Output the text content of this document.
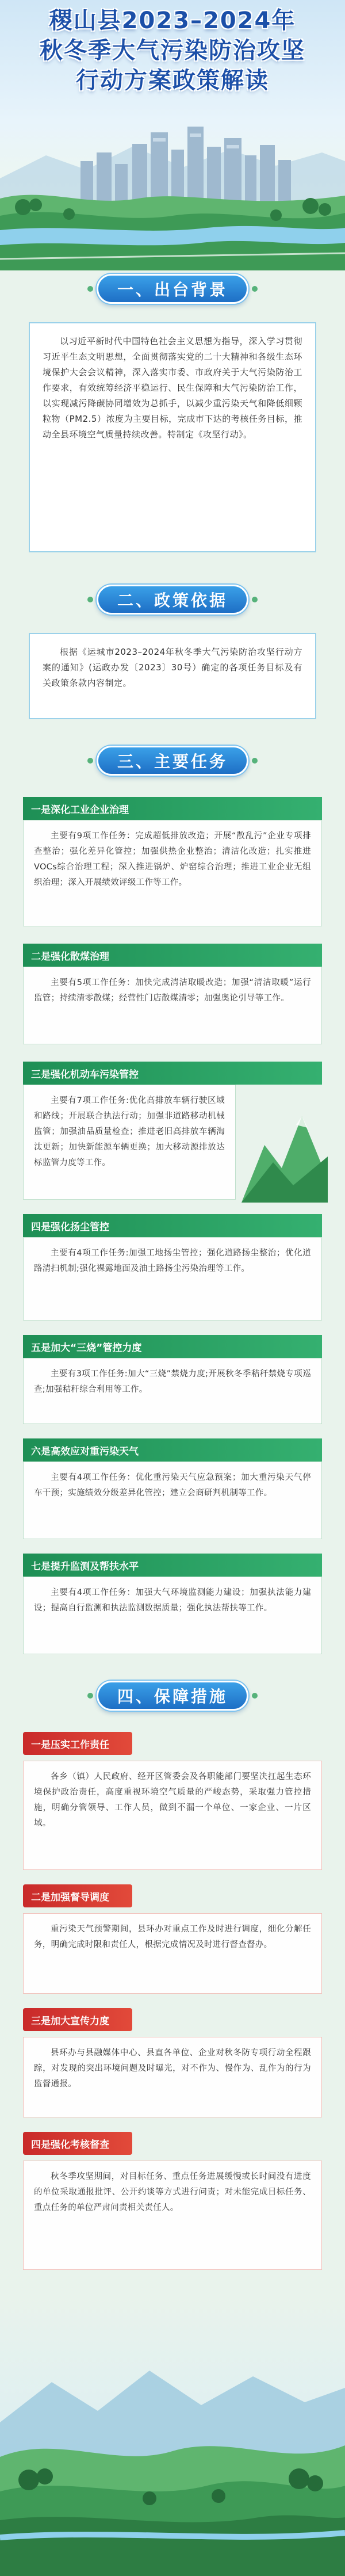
稷山县2023–2024年
秋冬季大气污染防治攻坚
行动方案政策解读
一、出台背景

以习近平新时代中国特色社会主义思想为指导，深入学习贯彻习近平生态文明思想，全面贯彻落实党的二十大精神和各级生态环境保护大会会议精神，深入落实市委、市政府关于大气污染防治工作要求，有效统筹经济平稳运行、民生保障和大气污染防治工作，以实现减污降碳协同增效为总抓手，以减少重污染天气和降低细颗粒物（PM2.5）浓度为主要目标，完成市下达的考核任务目标，推动全县环境空气质量持续改善。特制定《攻坚行动》。

二、政策依据

根据《运城市2023–2024年秋冬季大气污染防治攻坚行动方案的通知》(运政办发〔2023〕30号）确定的各项任务目标及有关政策条款内容制定。

三、主要任务
一是深化工业企业治理

主要有9项工作任务：完成超低排放改造；开展“散乱污”企业专项排查整治；强化差异化管控；加强供热企业整治；清洁化改造；扎实推进VOCs综合治理工程；深入推进锅炉、炉窑综合治理；推进工业企业无组织治理；深入开展绩效评级工作等工作。

二是强化散煤治理

主要有5项工作任务：加快完成清洁取暖改造；加强“清洁取暖”运行监管；持续清零散煤；经营性门店散煤清零；加强奥论引导等工作。

三是强化机动车污染管控

主要有7项工作任务:优化高排放车辆行驶区域和路线；开展联合执法行动；加强非道路移动机械监管；加强油品质量检查；推进老旧高排放车辆淘汰更新；加快新能源车辆更换；加大移动源排放达标监管力度等工作。

四是强化扬尘管控

主要有4项工作任务:加强工地扬尘管控；强化道路扬尘整治；优化道路清扫机制;强化裸露地面及油土路扬尘污染治理等工作。

五是加大“三烧”管控力度

主要有3项工作任务:加大“三烧”禁烧力度;开展秋冬季秸秆禁烧专项巡查;加强秸秆综合利用等工作。

六是高效应对重污染天气

主要有4项工作任务：优化重污染天气应急预案；加大重污染天气停车干预；实施绩效分级差异化管控；建立会商研判机制等工作。

七是提升监测及帮扶水平

主要有4项工作任务：加强大气环境监测能力建设；加强执法能力建设；提高自行监测和执法监测数据质量；强化执法帮扶等工作。

四、保障措施
一是压实工作责任

各乡（镇）人民政府、经开区管委会及各职能部门要坚决扛起生态环境保护政治责任，高度重视环境空气质量的严峻态势，采取强力管控措施，明确分管领导、工作人员，做到不漏一个单位、一家企业、一片区域。

二是加强督导调度

重污染天气预警期间，县环办对重点工作及时进行调度，细化分解任务，明确完成时限和责任人，根据完成情况及时进行督查督办。

三是加大宣传力度

县环办与县融媒体中心、县直各单位、企业对秋冬防专项行动全程跟踪，对发现的突出环境问题及时曝光，对不作为、慢作为、乱作为的行为监督通报。

四是强化考核督查

秋冬季攻坚期间，对目标任务、重点任务进展缓慢或长时间没有进度的单位采取通报批评、公开约谈等方式进行问责；对未能完成目标任务、重点任务的单位严肃问责相关责任人。
